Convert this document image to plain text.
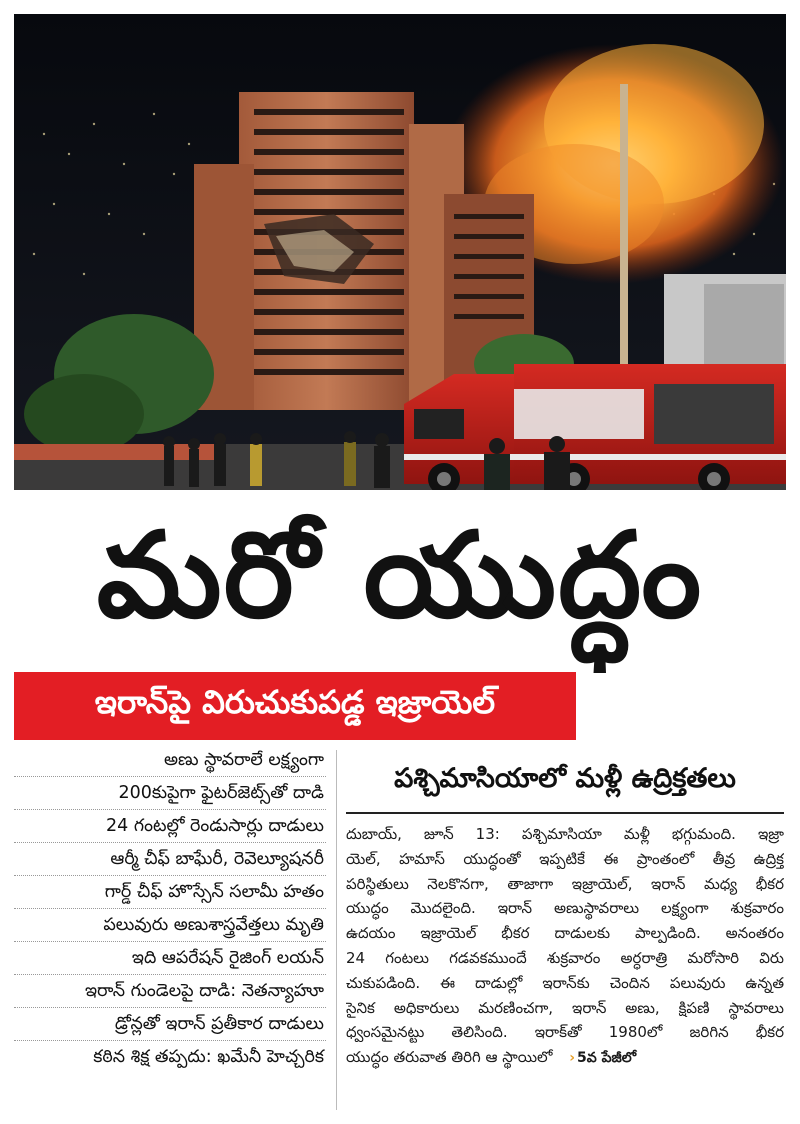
మరో యుద్ధం
ఇరాన్‌పై విరుచుకుపడ్డ ఇజ్రాయెల్
అణు స్థావరాలే లక్ష్యంగా
200కుపైగా ఫైటర్‌జెట్స్‌తో దాడి
24 గంటల్లో రెండుసార్లు దాడులు
ఆర్మీ చీఫ్ బాఘేరీ, రెవెల్యూషనరీ
గార్డ్ చీఫ్ హొస్సేన్ సలామీ హతం
పలువురు అణుశాస్త్రవేత్తలు మృతి
ఇది ఆపరేషన్ రైజింగ్ లయన్
ఇరాన్ గుండెలపై దాడి: నెతన్యాహూ
డ్రోన్లతో ఇరాన్ ప్రతీకార దాడులు
కఠిన శిక్ష తప్పదు: ఖమేనీ హెచ్చరిక
పశ్చిమాసియాలో మళ్లీ ఉద్రిక్తతలు
దుబాయ్, జూన్ 13: పశ్చిమాసియా మళ్లీ భగ్గుమంది. ఇజ్రా
యెల్, హమాస్ యుద్ధంతో ఇప్పటికే ఈ ప్రాంతంలో తీవ్ర ఉద్రిక్త
పరిస్థితులు నెలకొనగా, తాజాగా ఇజ్రాయెల్, ఇరాన్ మధ్య భీకర
యుద్ధం మొదలైంది. ఇరాన్ అణుస్థావరాలు లక్ష్యంగా శుక్రవారం
ఉదయం ఇజ్రాయెల్ భీకర దాడులకు పాల్పడింది. అనంతరం
24 గంటలు గడవకముందే శుక్రవారం అర్ధరాత్రి మరోసారి విరు
చుకుపడింది. ఈ దాడుల్లో ఇరాన్‌కు చెందిన పలువురు ఉన్నత
సైనిక అధికారులు మరణించగా, ఇరాన్ అణు, క్షిపణి స్థావరాలు
ధ్వంసమైనట్టు తెలిసింది. ఇరాక్‌తో 1980లో జరిగిన భీకర
యుద్ధం తరువాత తిరిగి ఆ స్థాయిలో › 5వ పేజీలో
